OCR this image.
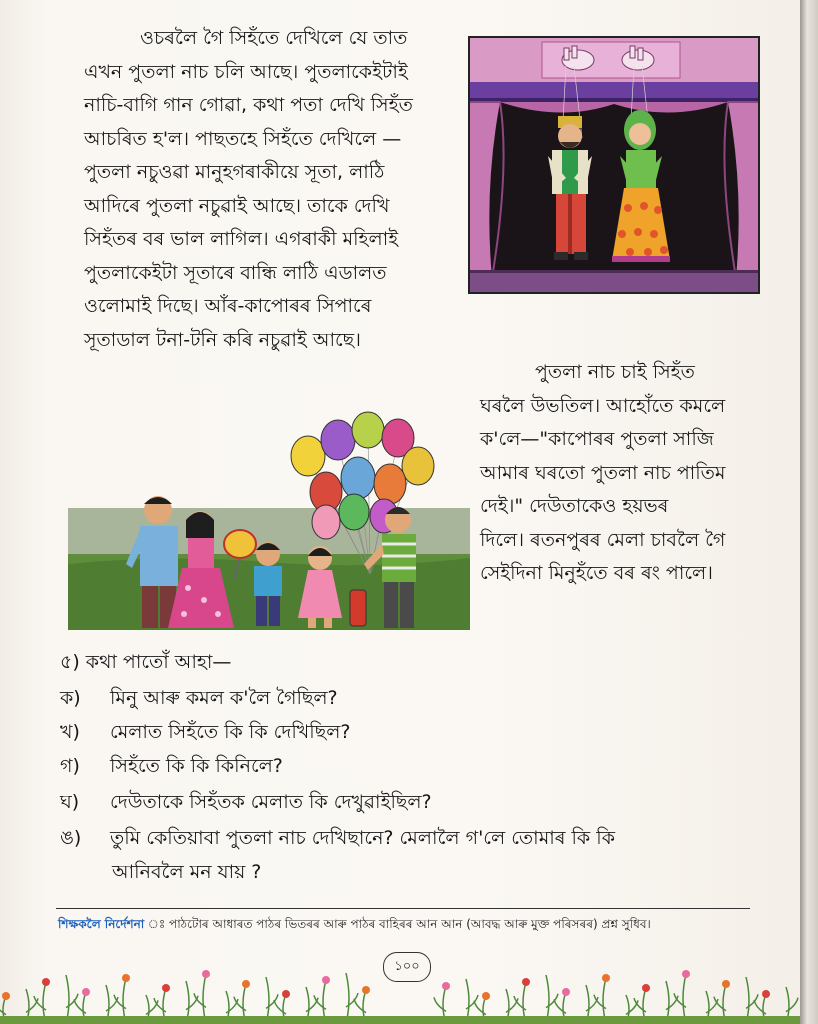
ওচৰলৈ গৈ সিহঁতে দেখিলে যে তাত
এখন পুতলা নাচ চলি আছে। পুতলাকেইটাই
নাচি-বাগি গান গোৱা, কথা পতা দেখি সিহঁত
আচৰিত হ'ল। পাছতহে সিহঁতে দেখিলে —
পুতলা নচুওৱা মানুহগৰাকীয়ে সূতা, লাঠি
আদিৰে পুতলা নচুৱাই আছে। তাকে দেখি
সিহঁতৰ বৰ ভাল লাগিল। এগৰাকী মহিলাই
পুতলাকেইটা সূতাৰে বান্ধি লাঠি এডালত
ওলোমাই দিছে। আঁৰ-কাপোৰৰ সিপাৰে
সূতাডাল টনা-টনি কৰি নচুৱাই আছে।
পুতলা নাচ চাই সিহঁত
ঘৰলৈ উভতিল। আহোঁতে কমলে
ক'লে—"কাপোৰৰ পুতলা সাজি
আমাৰ ঘৰতো পুতলা নাচ পাতিম
দেই।" দেউতাকেও হয়ভৰ
দিলে। ৰতনপুৰৰ মেলা চাবলৈ গৈ
সেইদিনা মিনুহঁতে বৰ ৰং পালে।
৫) কথা পাতোঁ আহা—
ক) মিনু আৰু কমল ক'লৈ গৈছিল?
খ) মেলাত সিহঁতে কি কি দেখিছিল?
গ) সিহঁতে কি কি কিনিলে?
ঘ) দেউতাকে সিহঁতক মেলাত কি দেখুৱাইছিল?
ঙ) তুমি কেতিয়াবা পুতলা নাচ দেখিছানে? মেলালৈ গ'লে তোমাৰ কি কি
আনিবলৈ মন যায় ?
শিক্ষকলৈ নিৰ্দেশনা ঃ পাঠটোৰ আধাৰত পাঠৰ ভিতৰৰ আৰু পাঠৰ বাহিৰৰ আন আন (আবদ্ধ আৰু মুক্ত পৰিসৰৰ) প্ৰশ্ন সুধিব।
১০০
